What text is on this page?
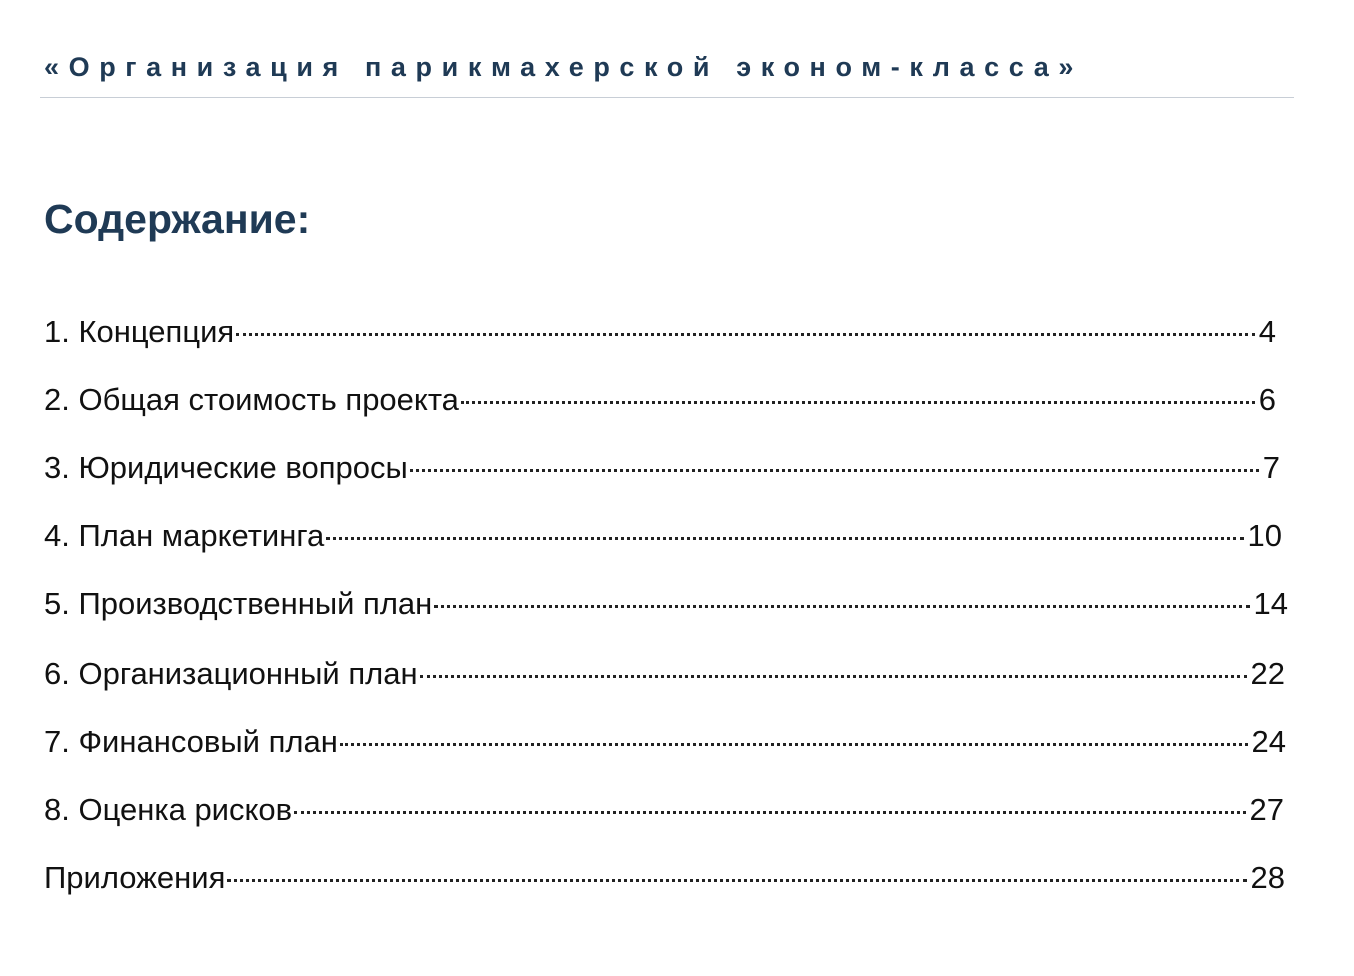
«Организация парикмахерской эконом-класса»
Содержание:
1. Концепция	4
2. Общая стоимость проекта	6
3. Юридические вопросы	7
4. План маркетинга	10
5. Производственный план	14
6. Организационный план	22
7. Финансовый план	24
8. Оценка рисков	27
Приложения	28
